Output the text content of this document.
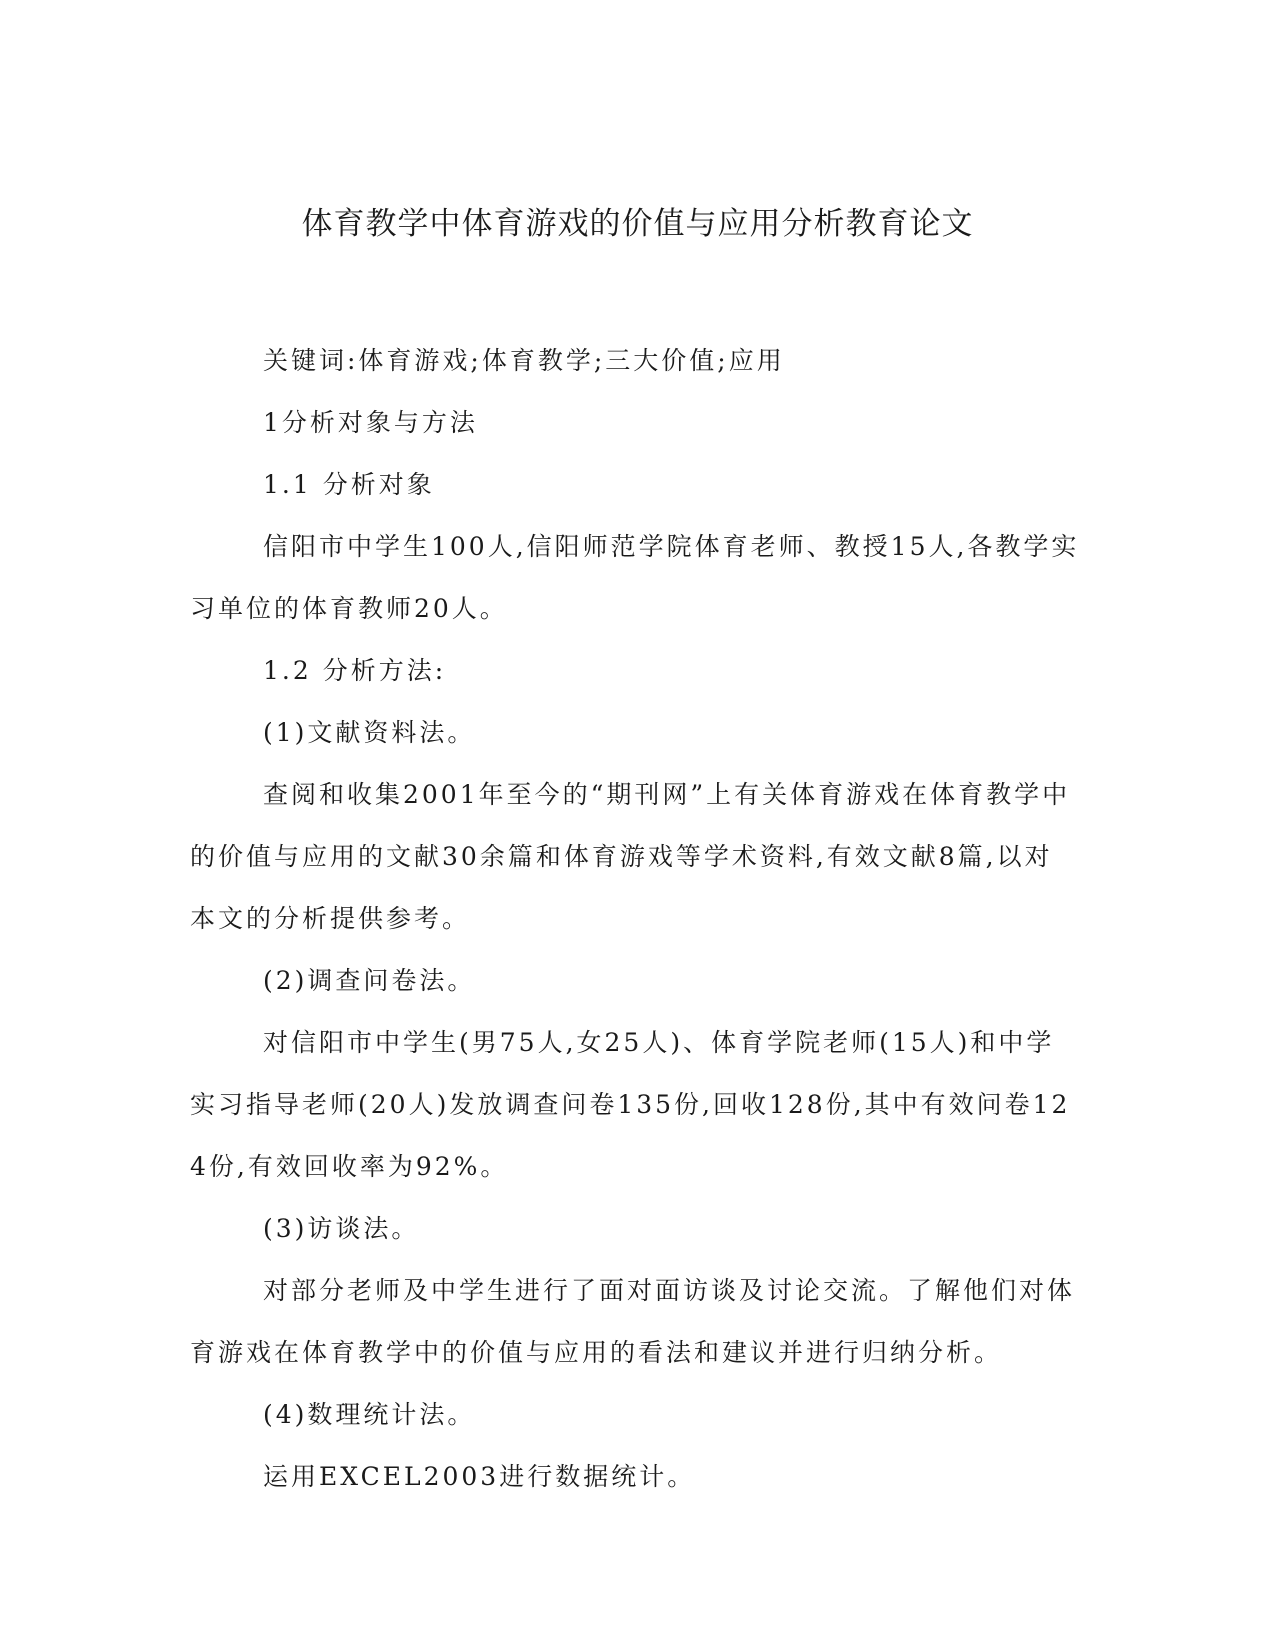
体育教学中体育游戏的价值与应用分析教育论文

关键词:体育游戏;体育教学;三大价值;应用

1分析对象与方法

1.1 分析对象

信阳市中学生100人,信阳师范学院体育老师、教授15人,各教学实习单位的体育教师20人。

1.2 分析方法:

(1)文献资料法。

查阅和收集2001年至今的“期刊网”上有关体育游戏在体育教学中的价值与应用的文献30余篇和体育游戏等学术资料,有效文献8篇,以对本文的分析提供参考。

(2)调查问卷法。

对信阳市中学生(男75人,女25人)、体育学院老师(15人)和中学实习指导老师(20人)发放调查问卷135份,回收128份,其中有效问卷124份,有效回收率为92%。

(3)访谈法。

对部分老师及中学生进行了面对面访谈及讨论交流。了解他们对体育游戏在体育教学中的价值与应用的看法和建议并进行归纳分析。

(4)数理统计法。

运用EXCEL2003进行数据统计。
